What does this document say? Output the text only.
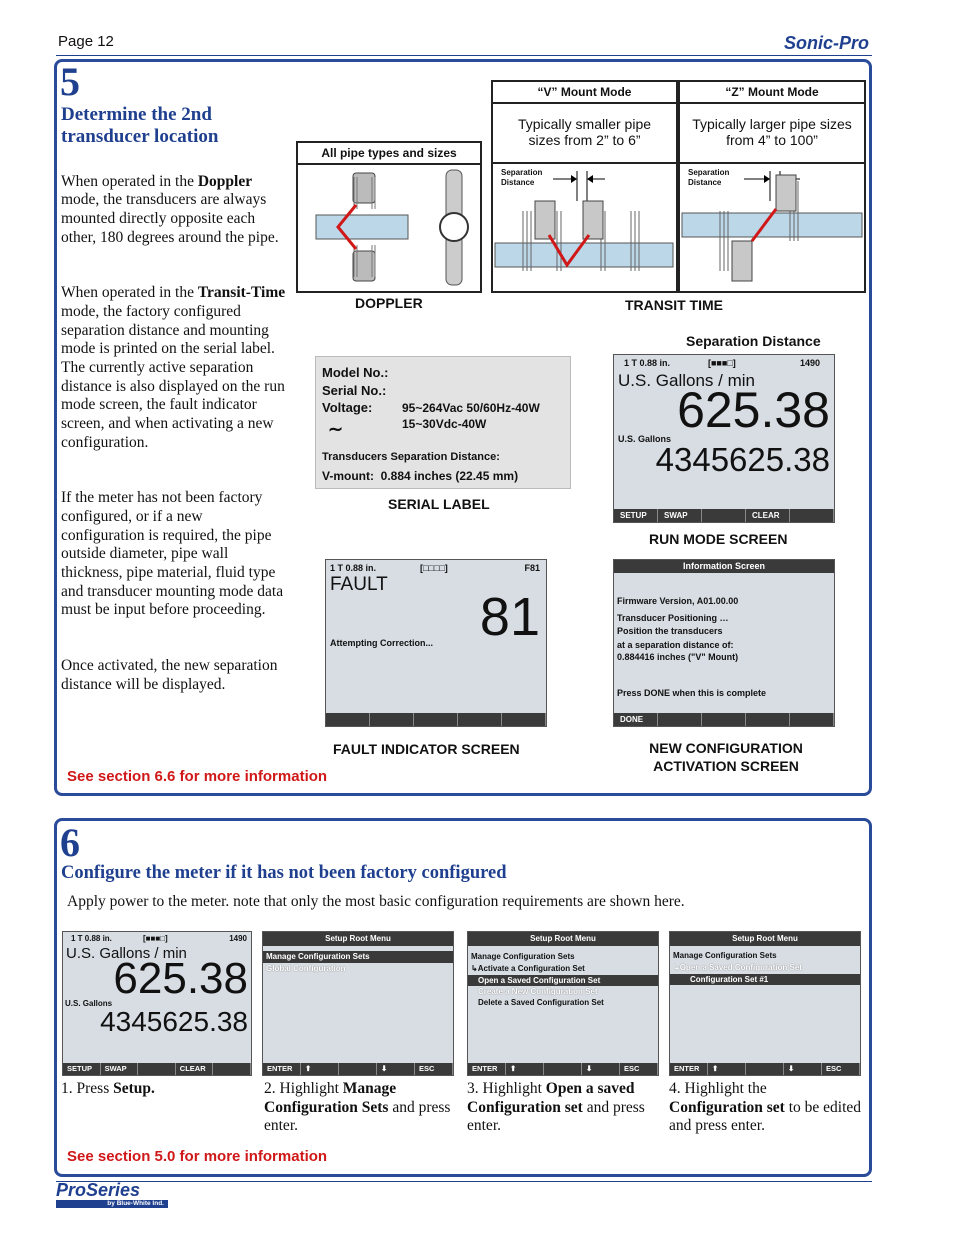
Page 12	Sonic-Pro
5
Determine the 2nd transducer location

When operated in the Doppler mode, the transducers are always mounted directly opposite each other, 180 degrees around the pipe.

When operated in the Transit-Time mode, the factory configured separation distance and mounting mode is printed on the serial label. The currently active separation distance is also displayed on the run mode screen, the fault indicator screen, and when activating a new configuration.

If the meter has not been factory configured, or if a new configuration is required, the pipe outside diameter, pipe wall thickness, pipe material, fluid type and transducer mounting mode data must be input before proceeding.

Once activated, the new separation distance will be displayed.

See section 6.6 for more information
All pipe types and sizes
DOPPLER
“V” Mount Mode
Typically smaller pipe sizes from 2” to 6”
Separation Distance
“Z” Mount Mode
Typically larger pipe sizes from 4” to 100”
Separation Distance
TRANSIT TIME
Model No.:
Serial No.:
Voltage: 95~264Vac 50/60Hz-40W
∼	15~30Vdc-40W
Transducers Separation Distance:
V-mount:  0.884 inches (22.45 mm)
SERIAL LABEL
Separation Distance
1 T 0.88 in.	[■■■□]	1490
U.S. Gallons / min
625.38
U.S. Gallons
4345625.38
SETUP	SWAP	CLEAR
RUN MODE SCREEN
1 T 0.88 in.	[□□□□]	F81
FAULT
81
Attempting Correction...
FAULT INDICATOR SCREEN
Information Screen
Firmware Version, A01.00.00
Transducer Positioning …
Position the transducers
at a separation distance of:
0.884416 inches ("V" Mount)
Press DONE when this is complete
DONE
NEW CONFIGURATION
ACTIVATION SCREEN
6
Configure the meter if it has not been factory configured
Apply power to the meter. note that only the most basic configuration requirements are shown here.
1 T 0.88 in.	[■■■□]	1490
U.S. Gallons / min
625.38
U.S. Gallons
4345625.38
SETUP	SWAP	CLEAR
1. Press Setup.
Setup Root Menu
Manage Configuration Sets
Global Configuration
ENTER	⬆	⬇	ESC
2. Highlight Manage Configuration Sets and press enter.
Setup Root Menu
Manage Configuration Sets
↳Activate a Configuration Set
Open a Saved Configuration Set
Create a New Configuration Set
Delete a Saved Configuration Set
ENTER	⬆	⬇	ESC
3. Highlight Open a saved Configuration set and press enter.
Setup Root Menu
Manage Configuration Sets
↳Open a Saved Configuration Set
Configuration Set #1
ENTER	⬆	⬇	ESC
4. Highlight the Configuration set to be edited and press enter.
See section 5.0 for more information
ProSeries
by Blue-White Ind.
